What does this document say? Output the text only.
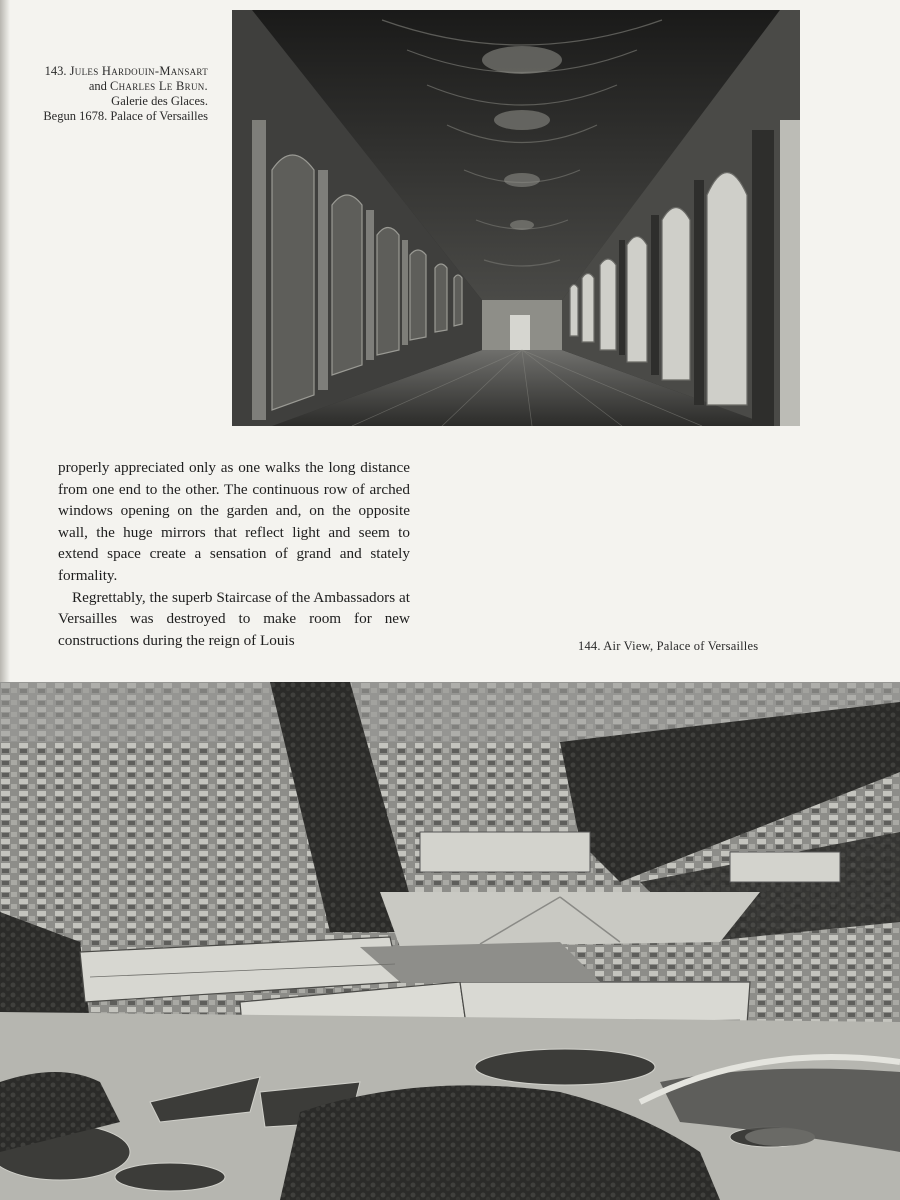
143. Jules Hardouin-Mansart
and Charles Le Brun.
Galerie des Glaces.
Begun 1678. Palace of Versailles

properly appreciated only as one walks the long distance from one end to the other. The continuous row of arched windows opening on the garden and, on the opposite wall, the huge mirrors that reflect light and seem to extend space create a sensation of grand and stately formality.

Regrettably, the superb Staircase of the Ambassadors at Versailles was destroyed to make room for new constructions during the reign of Louis	144. Air View, Palace of Versailles
